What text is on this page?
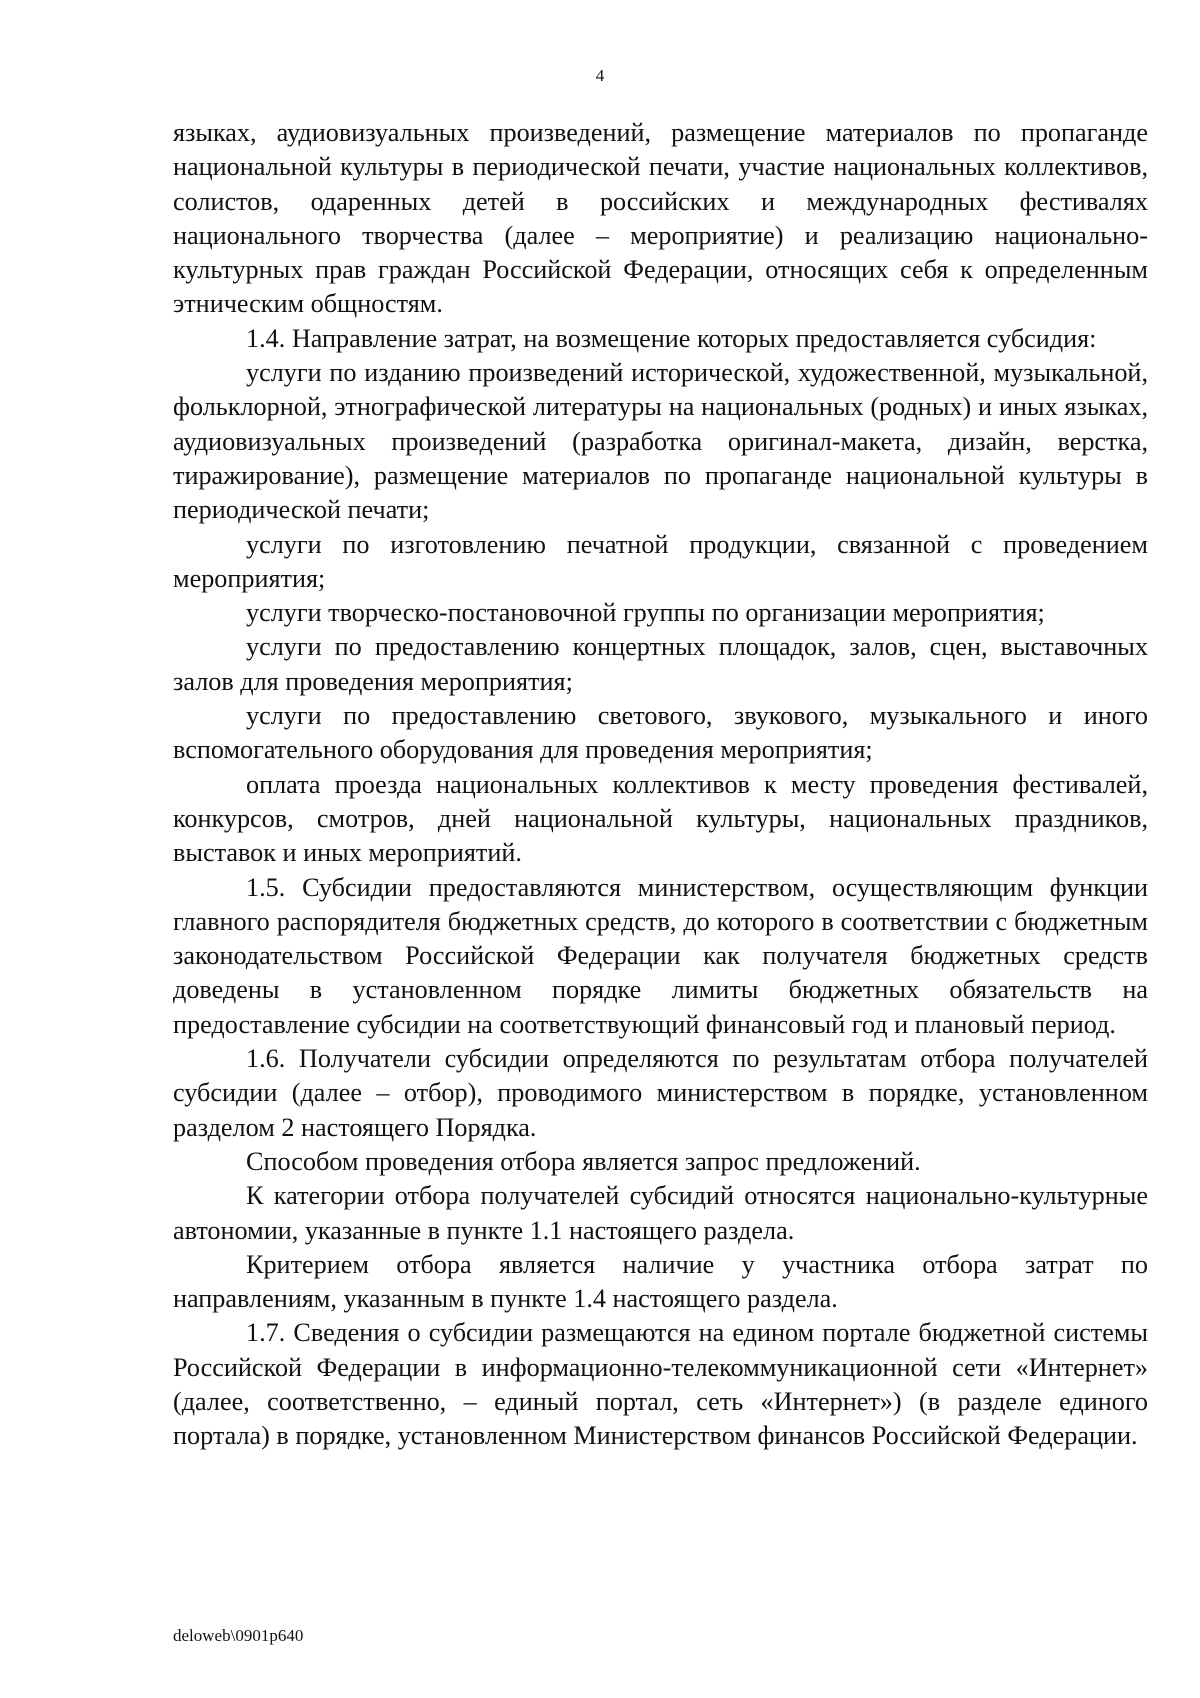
4

языках, аудиовизуальных произведений, размещение материалов по пропаганде национальной культуры в периодической печати, участие национальных коллективов, солистов, одаренных детей в российских и международных фестивалях национального творчества (далее – мероприятие) и реализацию национально-культурных прав граждан Российской Федерации, относящих себя к определенным этническим общностям.

1.4. Направление затрат, на возмещение которых предоставляется субсидия:

услуги по изданию произведений исторической, художественной, музыкальной, фольклорной, этнографической литературы на национальных (родных) и иных языках, аудиовизуальных произведений (разработка оригинал-макета, дизайн, верстка, тиражирование), размещение материалов по пропаганде национальной культуры в периодической печати;

услуги по изготовлению печатной продукции, связанной с проведением мероприятия;

услуги творческо-постановочной группы по организации мероприятия;

услуги по предоставлению концертных площадок, залов, сцен, выставочных залов для проведения мероприятия;

услуги по предоставлению светового, звукового, музыкального и иного вспомогательного оборудования для проведения мероприятия;

оплата проезда национальных коллективов к месту проведения фестивалей, конкурсов, смотров, дней национальной культуры, национальных праздников, выставок и иных мероприятий.

1.5. Субсидии предоставляются министерством, осуществляющим функции главного распорядителя бюджетных средств, до которого в соответствии с бюджетным законодательством Российской Федерации как получателя бюджетных средств доведены в установленном порядке лимиты бюджетных обязательств на предоставление субсидии на соответствующий финансовый год и плановый период.

1.6. Получатели субсидии определяются по результатам отбора получателей субсидии (далее – отбор), проводимого министерством в порядке, установленном разделом 2 настоящего Порядка.

Способом проведения отбора является запрос предложений.

К категории отбора получателей субсидий относятся национально-культурные автономии, указанные в пункте 1.1 настоящего раздела.

Критерием отбора является наличие у участника отбора затрат по направлениям, указанным в пункте 1.4 настоящего раздела.

1.7. Сведения о субсидии размещаются на едином портале бюджетной системы Российской Федерации в информационно-телекоммуникационной сети «Интернет» (далее, соответственно, – единый портал, сеть «Интернет») (в разделе единого портала) в порядке, установленном Министерством финансов Российской Федерации.

deloweb\0901p640
